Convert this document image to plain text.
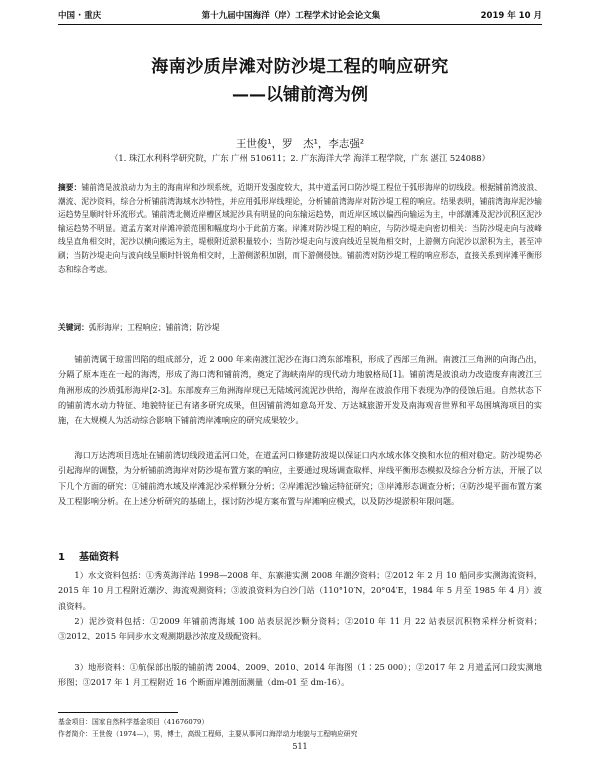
中国 · 重庆	第十九届中国海洋（岸）工程学术讨论会论文集	2019 年 10 月
海南沙质岸滩对防沙堤工程的响应研究
——以铺前湾为例
王世俊¹，罗　杰¹，李志强²
（1. 珠江水利科学研究院，广东 广州 510611；2. 广东海洋大学 海洋工程学院，广东 湛江 524088）
摘要：铺前湾是波浪动力为主的海南岸和沙坝系统，近期开发强度较大，其中道孟河口防沙堤工程位于弧形海岸的切线段。根据铺前湾波浪、潮流、泥沙资料，综合分析铺前湾海域水沙特性，并应用弧形岸线理论，分析铺前湾海岸对防沙堤工程的响应。结果表明，铺前湾海岸泥沙输运趋势呈顺时针环流形式。铺前湾北侧近岸槽区域泥沙具有明显的向东输运趋势，而近岸区域以偏西向输运为主，中部潮滩及泥沙沉积区泥沙输运趋势不明显。道孟方案对岸滩冲淤范围和幅度均小于此前方案。岸滩对防沙堤工程的响应，与防沙堤走向密切相关：当防沙堤走向与波峰线呈直角相交时，泥沙以横向搬运为主，堤根附近淤积量较小；当防沙堤走向与波向线近呈锐角相交时，上游侧方向泥沙以淤积为主，甚至冲刷；当防沙堤走向与波向线呈顺时针锐角相交时，上游侧淤积加剧，而下游侧侵蚀。铺前湾对防沙堤工程的响应形态，直接关系到岸滩平衡形态和综合考虑。
关键词：弧形海岸；工程响应；铺前湾；防沙堤

铺前湾属于琼雷凹陷的组成部分，近 2 000 年来南渡江泥沙在海口湾东部堆积，形成了西部三角洲。南渡江三角洲的向海凸出，分隔了原本连在一起的海湾，形成了海口湾和铺前湾，奠定了海峡南岸的现代动力地貌格局[1]。铺前湾是波浪动力改造废弃南渡江三角洲形成的沙质弧形海岸[2-3]。东部废弃三角洲海岸现已无陆域河流泥沙供给，海岸在波浪作用下表现为净的侵蚀后退。自然状态下的铺前湾水动力特征、地貌特征已有诸多研究成果，但因铺前湾如意岛开发、万达城旅游开发及南海观音世界和平岛围填海项目的实施，在大规模人为活动综合影响下铺前湾岸滩响应的研究成果较少。

海口万达湾项目选址在铺前湾切线段道孟河口处，在道孟河口修建防波堤以保证口内水域水体交换和水位的相对稳定。防沙堤势必引起海岸的调整，为分析铺前湾海岸对防沙堤布置方案的响应，主要通过现场调查取样、岸线平衡形态模拟及综合分析方法，开展了以下几个方面的研究：①铺前湾水域及岸滩泥沙采样颗分分析；②岸滩泥沙输运特征研究；③岸滩形态调查分析；④防沙堤平面布置方案及工程影响分析。在上述分析研究的基础上，探讨防沙堤方案布置与岸滩响应模式，以及防沙堤淤积年限问题。

1 基础资料

1）水文资料包括：①秀英海洋站 1998—2008 年、东寨港实测 2008 年潮汐资料；②2012 年 2 月 10 船同步实测海流资料，2015 年 10 月工程附近潮汐、海流观测资料；③波浪资料为白沙门站（110°10′N，20°04′E，1984 年 5 月至 1985 年 4 月）波浪资料。

2）泥沙资料包括：①2009 年铺前湾海域 100 站表层泥沙颗分资料；②2010 年 11 月 22 站表层沉积物采样分析资料；③2012、2015 年同步水文观测期悬沙浓度及级配资料。

3）地形资料：①航保部出版的铺前湾 2004、2009、2010、2014 年海图（1∶25 000）；②2017 年 2 月道孟河口段实测地形图；③2017 年 1 月工程附近 16 个断面岸滩剖面测量（dm-01 至 dm-16）。

基金项目：国家自然科学基金项目（41676079）
作者简介：王世俊（1974—），男，博士，高级工程师，主要从事河口海岸动力地貌与工程响应研究
511
